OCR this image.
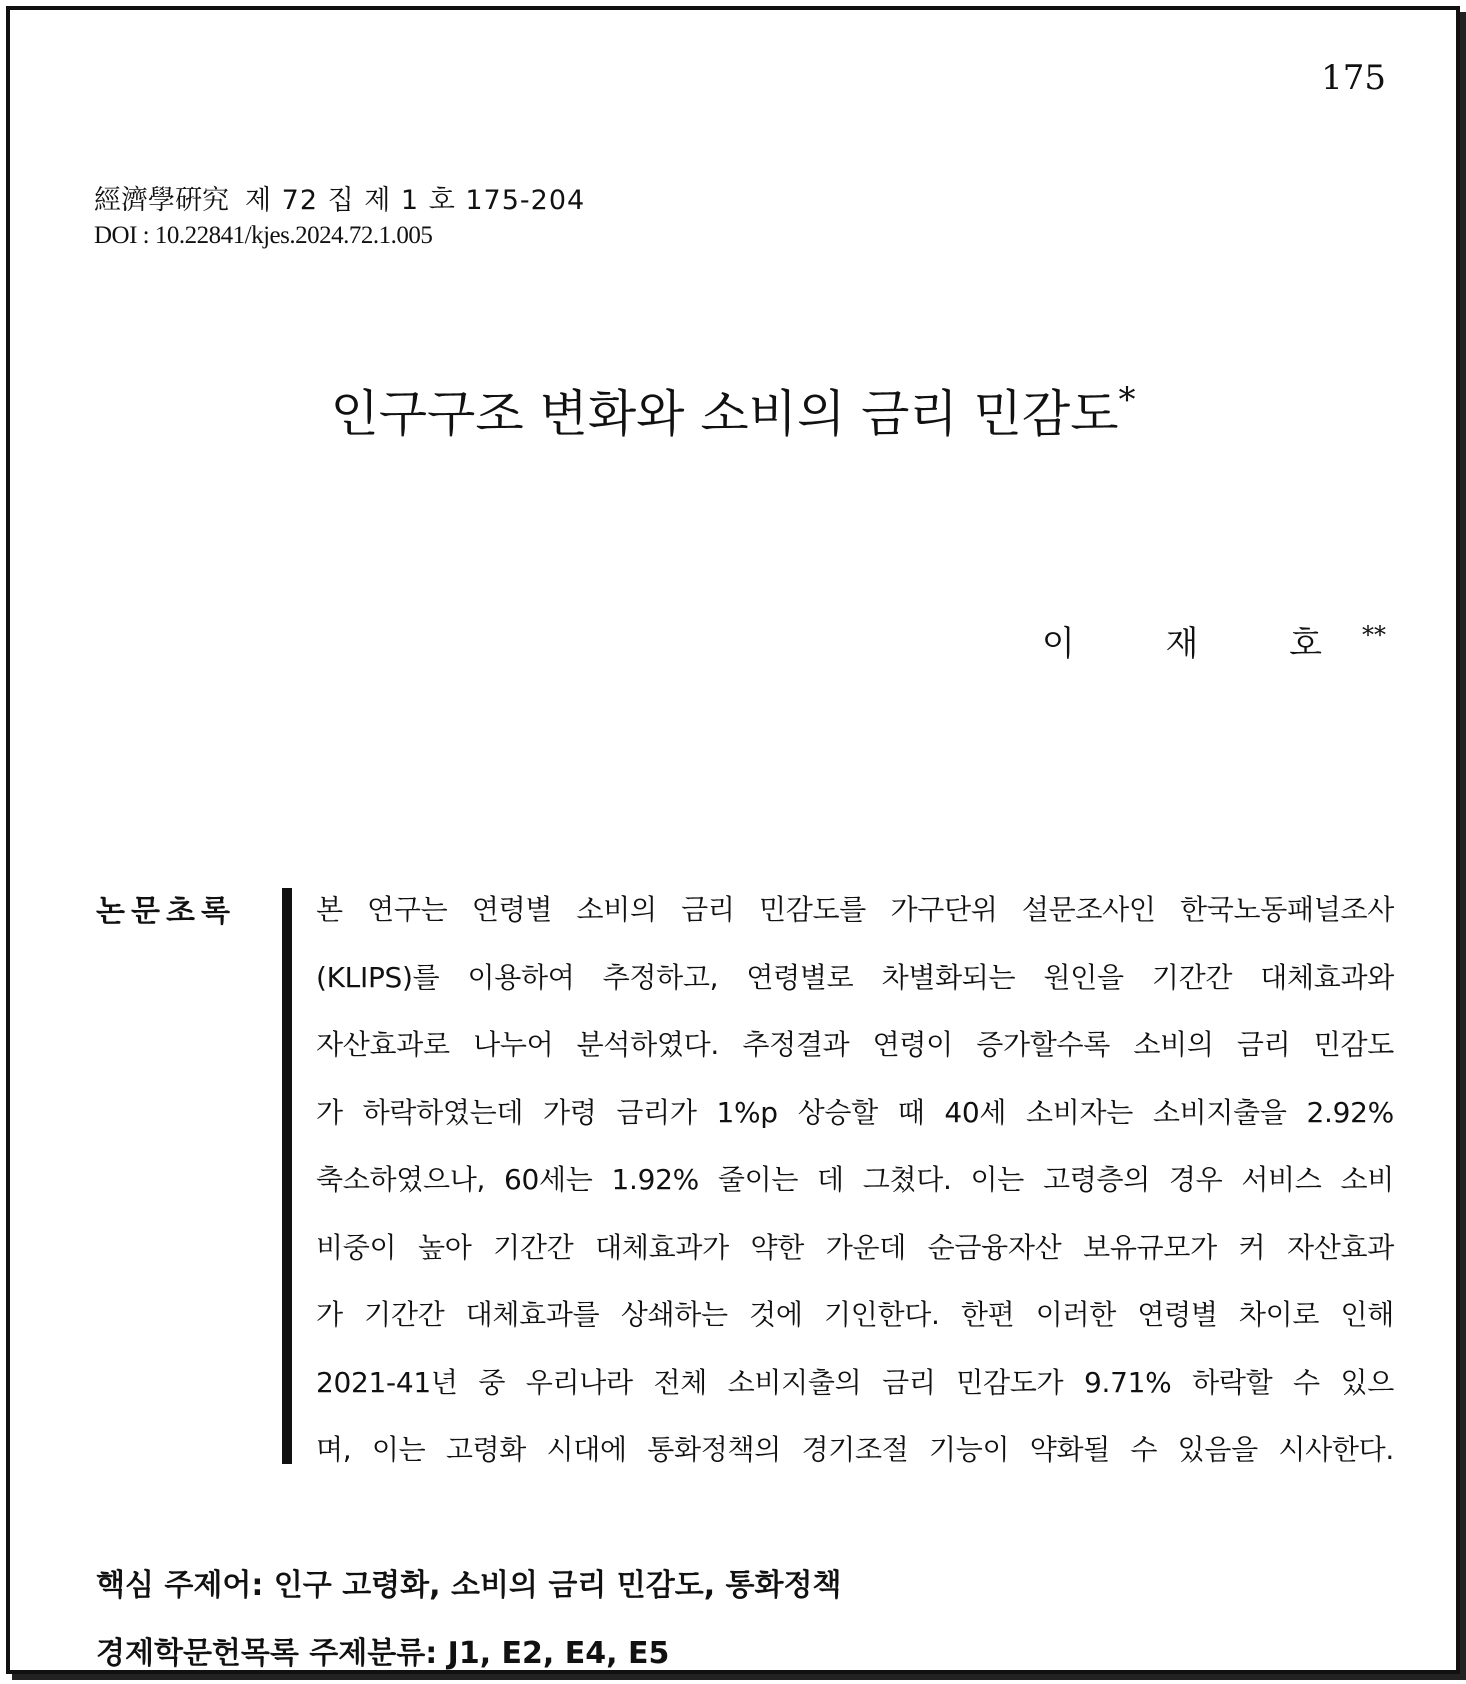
175
經濟學硏究 제 72 집 제 1 호 175-204
DOI : 10.22841/kjes.2024.72.1.005
인구구조 변화와 소비의 금리 민감도*
이 재 호**
논문초록	본 연구는 연령별 소비의 금리 민감도를 가구단위 설문조사인 한국노동패널조사
(KLIPS)를 이용하여 추정하고, 연령별로 차별화되는 원인을 기간간 대체효과와
자산효과로 나누어 분석하였다. 추정결과 연령이 증가할수록 소비의 금리 민감도
가 하락하였는데 가령 금리가 1%p 상승할 때 40세 소비자는 소비지출을 2.92%
축소하였으나, 60세는 1.92% 줄이는 데 그쳤다. 이는 고령층의 경우 서비스 소비
비중이 높아 기간간 대체효과가 약한 가운데 순금융자산 보유규모가 커 자산효과
가 기간간 대체효과를 상쇄하는 것에 기인한다. 한편 이러한 연령별 차이로 인해
2021-41년 중 우리나라 전체 소비지출의 금리 민감도가 9.71% 하락할 수 있으
며, 이는 고령화 시대에 통화정책의 경기조절 기능이 약화될 수 있음을 시사한다.
핵심 주제어: 인구 고령화, 소비의 금리 민감도, 통화정책
경제학문헌목록 주제분류: J1, E2, E4, E5
